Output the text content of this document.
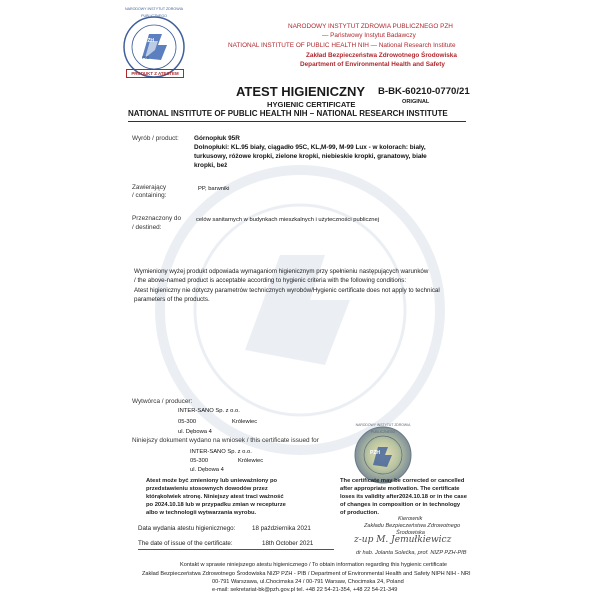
PIB
PRODUKT Z ATESTEM
NARODOWY INSTYTUT ZDROWIA PUBLICZNEGO
PZH
NARODOWY INSTYTUT ZDROWIA PUBLICZNEGO PZH
— Państwowy Instytut Badawczy
NATIONAL INSTITUTE OF PUBLIC HEALTH NIH — National Research Institute
Zakład Bezpieczeństwa Zdrowotnego Środowiska
Department of Environmental Health and Safety
ATEST HIGIENICZNY B-BK-60210-0770/21
HYGIENIC CERTIFICATE	ORIGINAL
NATIONAL INSTITUTE OF PUBLIC HEALTH NIH – NATIONAL RESEARCH INSTITUTE
Wyrób / product: Górnopłuk 95R
Dolnopłuki: KL.95 biały, ciągadło 95C, KL,M-99, M-99 Lux - w kolorach: biały,
turkusowy, różowe kropki, zielone kropki, niebieskie kropki, granatowy, białe
kropki, beż
Zawierający
/ containing:
PP, barwniki
Przeznaczony do
/ destined:
celów sanitarnych w budynkach mieszkalnych i użyteczności publicznej
Wymieniony wyżej produkt odpowiada wymaganiom higienicznym przy spełnieniu następujących warunków
/ the above-named product is acceptable according to hygienic criteria with the following conditions:
Atest higieniczny nie dotyczy parametrów technicznych wyrobów/Hygienic certificate does not apply to technical
parameters of the products.
Wytwórca / producer:
INTER-SANO Sp. z o.o.
05-300	Królewiec
ul. Dębowa 4
Niniejszy dokument wydano na wniosek / this certificate issued for
INTER-SANO Sp. z o.o.
05-300	Królewiec
ul. Dębowa 4
PZH
NARODOWY INSTYTUT ZDROWIA PUBLICZNEGO
Atest może być zmieniony lub unieważniony po
przedstawieniu stosownych dowodów przez
którąkolwiek stronę. Niniejszy atest traci ważność
po 2024.10.18 lub w przypadku zmian w recepturze
albo w technologii wytwarzania wyrobu.
The certificate may be corrected or cancelled
after appropriate motivation. The certificate
loses its validity after2024.10.18 or in the case
of changes in composition or in technology
of production.
Kierownik
Zakładu Bezpieczeństwa Zdrowotnego
Środowiska
Data wydania atestu higienicznego:	18 października 2021
The date of issue of the certificate:	18th October 2021	z-up M. Jemułkiewicz
dr hab. Jolanta Solećka, prof. NIZP PZH-PIB
Kontakt w sprawie niniejszego atestu higienicznego / To obtain information regarding this hygienic certificate
Zakład Bezpieczeństwa Zdrowotnego Środowiska NIZP PZH - PIB / Department of Environmental Health and Safety NIPH NIH - NRI
00-791 Warszawa, ul.Chocimska 24 / 00-791 Warsaw, Chocimska 24, Poland
e-mail: sekretariat-bk@pzh.gov.pl tel. +48 22 54-21-354, +48 22 54-21-349
